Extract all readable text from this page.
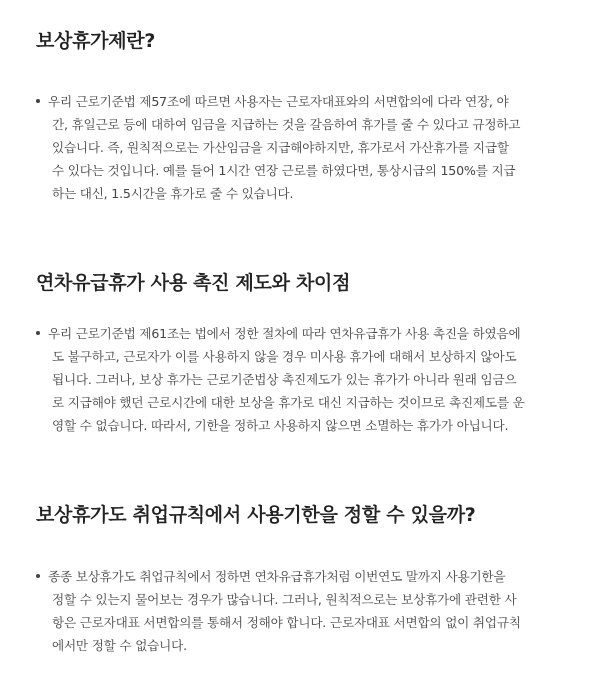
보상휴가제란?
우리 근로기준법 제57조에 따르면 사용자는 근로자대표와의 서면합의에 다라 연장, 야
간, 휴일근로 등에 대하여 임금을 지급하는 것을 갈음하여 휴가를 줄 수 있다고 규정하고
있습니다. 즉, 원칙적으로는 가산임금을 지급해야하지만, 휴가로서 가산휴가를 지급할
수 있다는 것입니다. 예를 들어 1시간 연장 근로를 하였다면, 통상시급의 150%를 지급
하는 대신, 1.5시간을 휴가로 줄 수 있습니다.
연차유급휴가 사용 촉진 제도와 차이점
우리 근로기준법 제61조는 법에서 정한 절차에 따라 연차유급휴가 사용 촉진을 하였음에
도 불구하고, 근로자가 이를 사용하지 않을 경우 미사용 휴가에 대해서 보상하지 않아도
됩니다. 그러나, 보상 휴가는 근로기준법상 촉진제도가 있는 휴가가 아니라 원래 임금으
로 지급해야 했던 근로시간에 대한 보상을 휴가로 대신 지급하는 것이므로 촉진제도를 운
영할 수 없습니다. 따라서, 기한을 정하고 사용하지 않으면 소멸하는 휴가가 아닙니다.
보상휴가도 취업규칙에서 사용기한을 정할 수 있을까?
종종 보상휴가도 취업규칙에서 정하면 연차유급휴가처럼 이번연도 말까지 사용기한을
정할 수 있는지 물어보는 경우가 많습니다. 그러나, 원칙적으로는 보상휴가에 관련한 사
항은 근로자대표 서면합의를 통해서 정해야 합니다. 근로자대표 서면합의 없이 취업규칙
에서만 정할 수 없습니다.
